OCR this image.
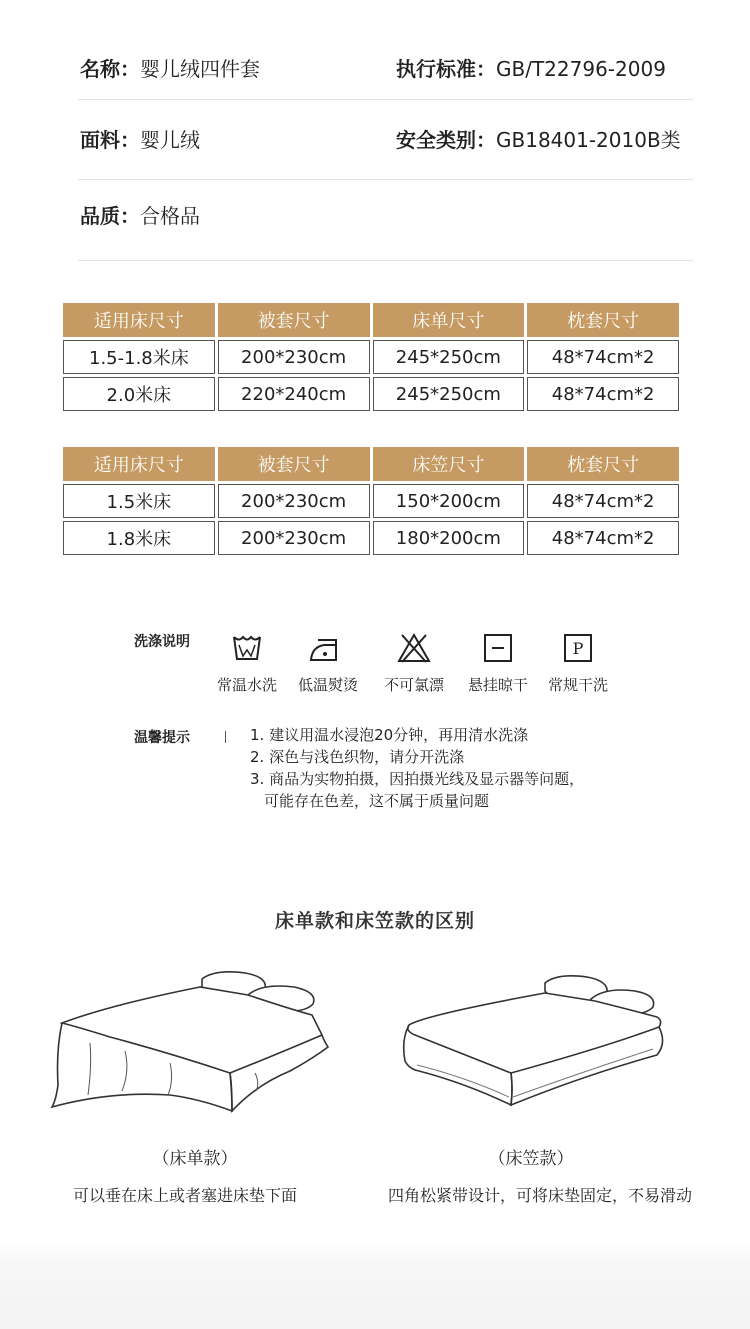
名称：婴儿绒四件套	执行标准：GB/T22796-2009
面料：婴儿绒	安全类别：GB18401-2010B类
品质：合格品
适用床尺寸	被套尺寸	床单尺寸	枕套尺寸
1.5-1.8米床	200*230cm	245*250cm	48*74cm*2
2.0米床	220*240cm	245*250cm	48*74cm*2
适用床尺寸	被套尺寸	床笠尺寸	枕套尺寸
1.5米床	200*230cm	150*200cm	48*74cm*2
1.8米床	200*230cm	180*200cm	48*74cm*2
洗涤说明
常温水洗	低温熨烫	不可氯漂	悬挂晾干
P
常规干洗
温馨提示	1. 建议用温水浸泡20分钟，再用清水洗涤
2. 深色与浅色织物，请分开洗涤
3. 商品为实物拍摄，因拍摄光线及显示器等问题，
可能存在色差，这不属于质量问题
床单款和床笠款的区别
（床单款）
可以垂在床上或者塞进床垫下面
（床笠款）
四角松紧带设计，可将床垫固定，不易滑动
